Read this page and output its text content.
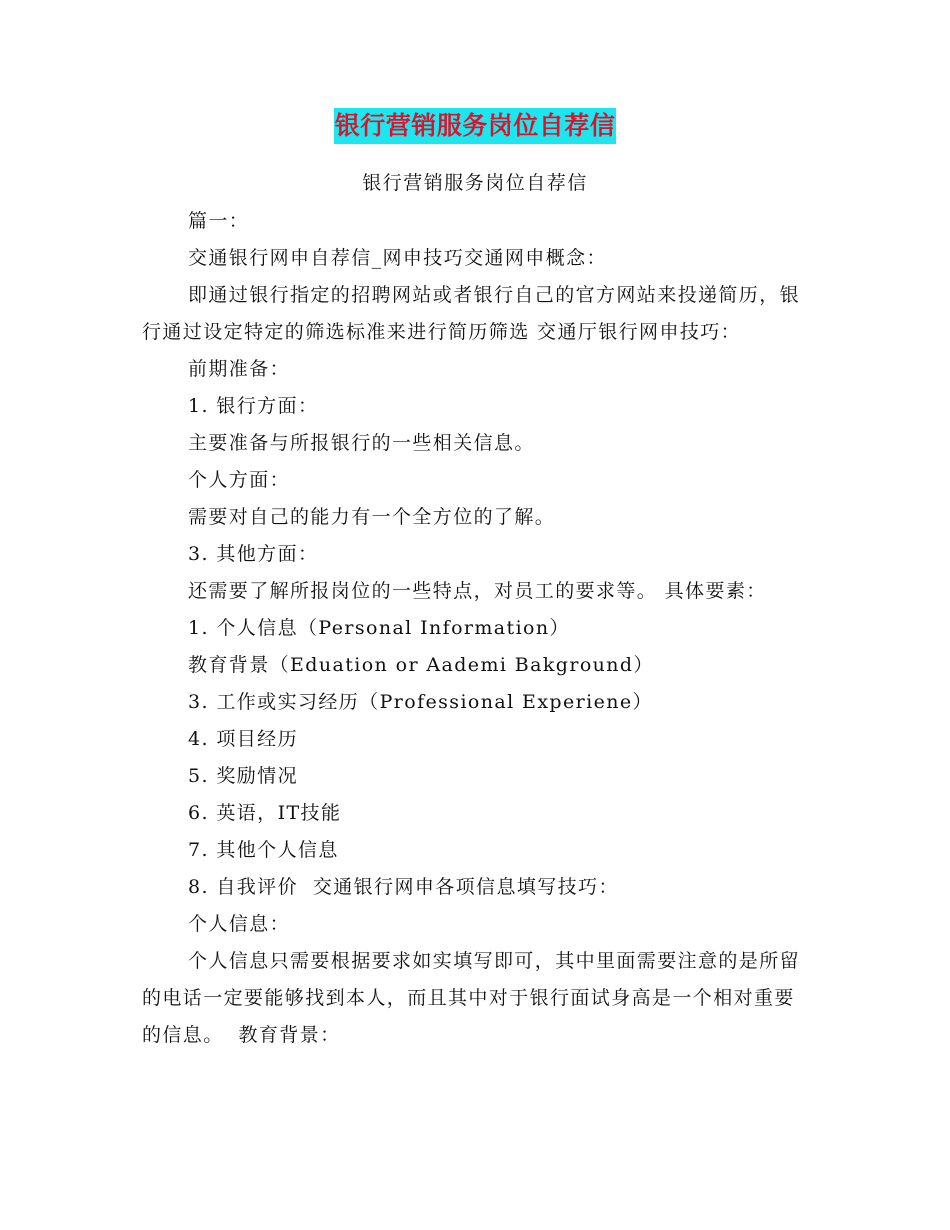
银行营销服务岗位自荐信
银行营销服务岗位自荐信

篇一：

交通银行网申自荐信_网申技巧交通网申概念：

即通过银行指定的招聘网站或者银行自己的官方网站来投递简历，银行通过设定特定的筛选标准来进行简历筛选 交通厅银行网申技巧：

前期准备：

1. 银行方面：

主要准备与所报银行的一些相关信息。

个人方面：

需要对自己的能力有一个全方位的了解。

3. 其他方面：

还需要了解所报岗位的一些特点，对员工的要求等。 具体要素：

1. 个人信息（Personal Information）

教育背景（Eduation or Aademi Bakground）

3. 工作或实习经历（Professional Experiene）

4. 项目经历

5. 奖励情况

6. 英语，IT技能

7. 其他个人信息

8. 自我评价  交通银行网申各项信息填写技巧：

个人信息：

个人信息只需要根据要求如实填写即可，其中里面需要注意的是所留的电话一定要能够找到本人，而且其中对于银行面试身高是一个相对重要的信息。  教育背景：
